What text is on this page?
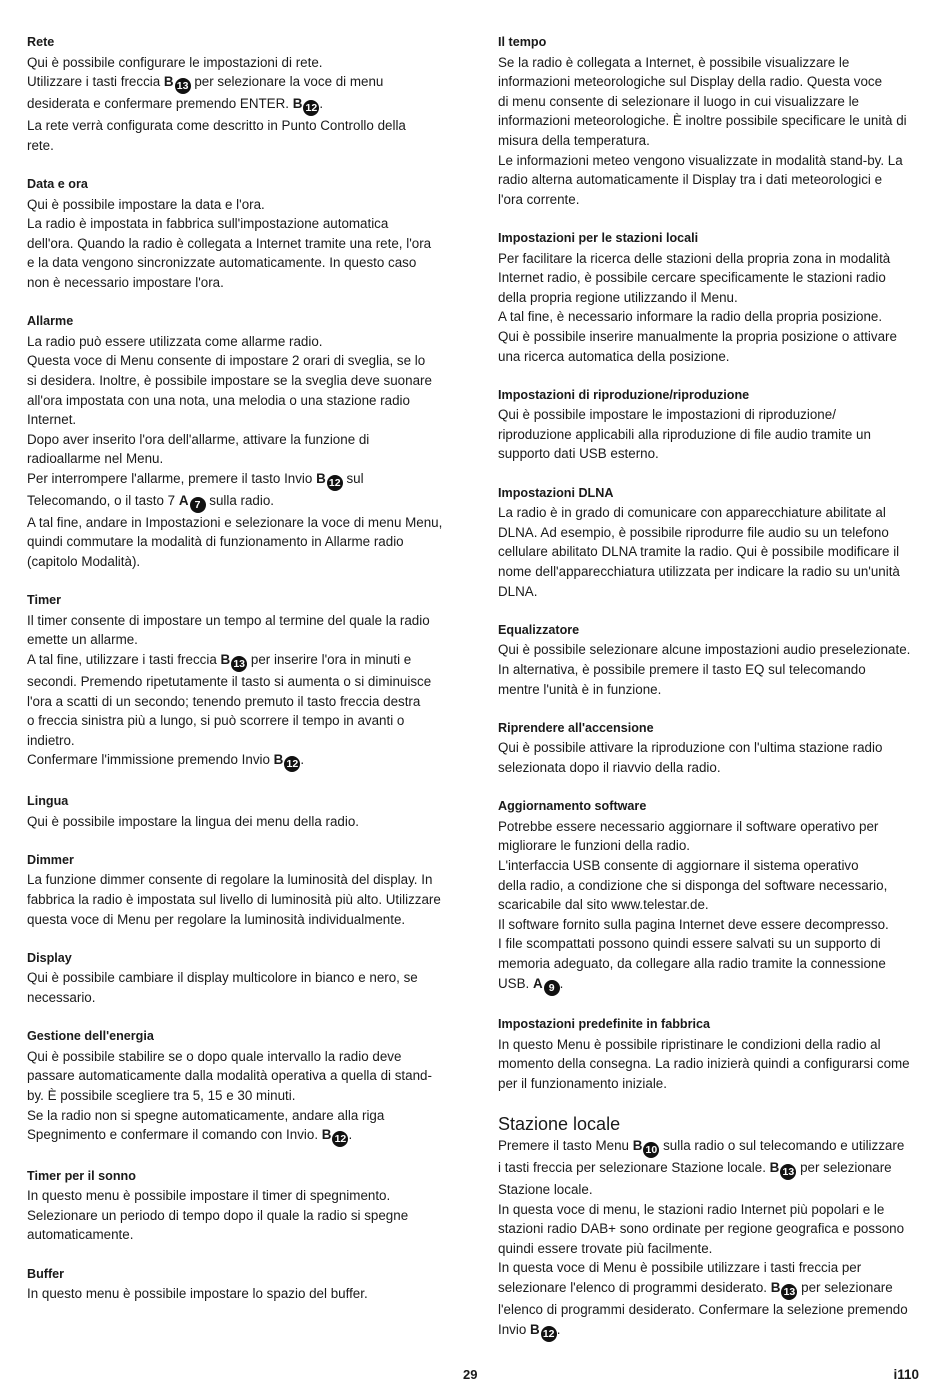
Rete

Qui è possibile configurare le impostazioni di rete.
Utilizzare i tasti freccia B 13 per selezionare la voce di menu
desiderata e confermare premendo ENTER. B 12 .
La rete verrà configurata come descritto in Punto Controllo della
rete.

Data e ora

Qui è possibile impostare la data e l'ora.
La radio è impostata in fabbrica sull'impostazione automatica
dell'ora. Quando la radio è collegata a Internet tramite una rete, l'ora
e la data vengono sincronizzate automaticamente. In questo caso
non è necessario impostare l'ora.

Allarme

La radio può essere utilizzata come allarme radio.
Questa voce di Menu consente di impostare 2 orari di sveglia, se lo
si desidera. Inoltre, è possibile impostare se la sveglia deve suonare
all'ora impostata con una nota, una melodia o una stazione radio
Internet.
Dopo aver inserito l'ora dell'allarme, attivare la funzione di
radioallarme nel Menu.
Per interrompere l'allarme, premere il tasto Invio B 12 sul
Telecomando, o il tasto 7 A 7 sulla radio.
A tal fine, andare in Impostazioni e selezionare la voce di menu Menu,
quindi commutare la modalità di funzionamento in Allarme radio
(capitolo Modalità).

Timer

Il timer consente di impostare un tempo al termine del quale la radio
emette un allarme.
A tal fine, utilizzare i tasti freccia B 13 per inserire l'ora in minuti e
secondi. Premendo ripetutamente il tasto si aumenta o si diminuisce
l'ora a scatti di un secondo; tenendo premuto il tasto freccia destra
o freccia sinistra più a lungo, si può scorrere il tempo in avanti o
indietro.
Confermare l'immissione premendo Invio B 12 .

Lingua

Qui è possibile impostare la lingua dei menu della radio.

Dimmer

La funzione dimmer consente di regolare la luminosità del display. In
fabbrica la radio è impostata sul livello di luminosità più alto. Utilizzare
questa voce di Menu per regolare la luminosità individualmente.

Display

Qui è possibile cambiare il display multicolore in bianco e nero, se
necessario.

Gestione dell'energia

Qui è possibile stabilire se o dopo quale intervallo la radio deve
passare automaticamente dalla modalità operativa a quella di stand-
by. È possibile scegliere tra 5, 15 e 30 minuti.
Se la radio non si spegne automaticamente, andare alla riga
Spegnimento e confermare il comando con Invio. B 12 .

Timer per il sonno

In questo menu è possibile impostare il timer di spegnimento.
Selezionare un periodo di tempo dopo il quale la radio si spegne
automaticamente.

Buffer

In questo menu è possibile impostare lo spazio del buffer.

Il tempo

Se la radio è collegata a Internet, è possibile visualizzare le
informazioni meteorologiche sul Display della radio. Questa voce
di menu consente di selezionare il luogo in cui visualizzare le
informazioni meteorologiche. È inoltre possibile specificare le unità di
misura della temperatura.
Le informazioni meteo vengono visualizzate in modalità stand-by. La
radio alterna automaticamente il Display tra i dati meteorologici e
l'ora corrente.

Impostazioni per le stazioni locali

Per facilitare la ricerca delle stazioni della propria zona in modalità
Internet radio, è possibile cercare specificamente le stazioni radio
della propria regione utilizzando il Menu.
A tal fine, è necessario informare la radio della propria posizione.
Qui è possibile inserire manualmente la propria posizione o attivare
una ricerca automatica della posizione.

Impostazioni di riproduzione/riproduzione

Qui è possibile impostare le impostazioni di riproduzione/
riproduzione applicabili alla riproduzione di file audio tramite un
supporto dati USB esterno.

Impostazioni DLNA

La radio è in grado di comunicare con apparecchiature abilitate al
DLNA. Ad esempio, è possibile riprodurre file audio su un telefono
cellulare abilitato DLNA tramite la radio. Qui è possibile modificare il
nome dell'apparecchiatura utilizzata per indicare la radio su un'unità
DLNA.

Equalizzatore

Qui è possibile selezionare alcune impostazioni audio preselezionate.
In alternativa, è possibile premere il tasto EQ sul telecomando
mentre l'unità è in funzione.

Riprendere all'accensione

Qui è possibile attivare la riproduzione con l'ultima stazione radio
selezionata dopo il riavvio della radio.

Aggiornamento software

Potrebbe essere necessario aggiornare il software operativo per
migliorare le funzioni della radio.
L'interfaccia USB consente di aggiornare il sistema operativo
della radio, a condizione che si disponga del software necessario,
scaricabile dal sito www.telestar.de.
Il software fornito sulla pagina Internet deve essere decompresso.
I file scompattati possono quindi essere salvati su un supporto di
memoria adeguato, da collegare alla radio tramite la connessione
USB. A 9 .

Impostazioni predefinite in fabbrica

In questo Menu è possibile ripristinare le condizioni della radio al
momento della consegna. La radio inizierà quindi a configurarsi come
per il funzionamento iniziale.

Stazione locale

Premere il tasto Menu B 10 sulla radio o sul telecomando e utilizzare
i tasti freccia per selezionare Stazione locale. B 13 per selezionare
Stazione locale.
In questa voce di menu, le stazioni radio Internet più popolari e le
stazioni radio DAB+ sono ordinate per regione geografica e possono
quindi essere trovate più facilmente.
In questa voce di Menu è possibile utilizzare i tasti freccia per
selezionare l'elenco di programmi desiderato. B 13 per selezionare
l'elenco di programmi desiderato. Confermare la selezione premendo
Invio B 12 .

29	i110
